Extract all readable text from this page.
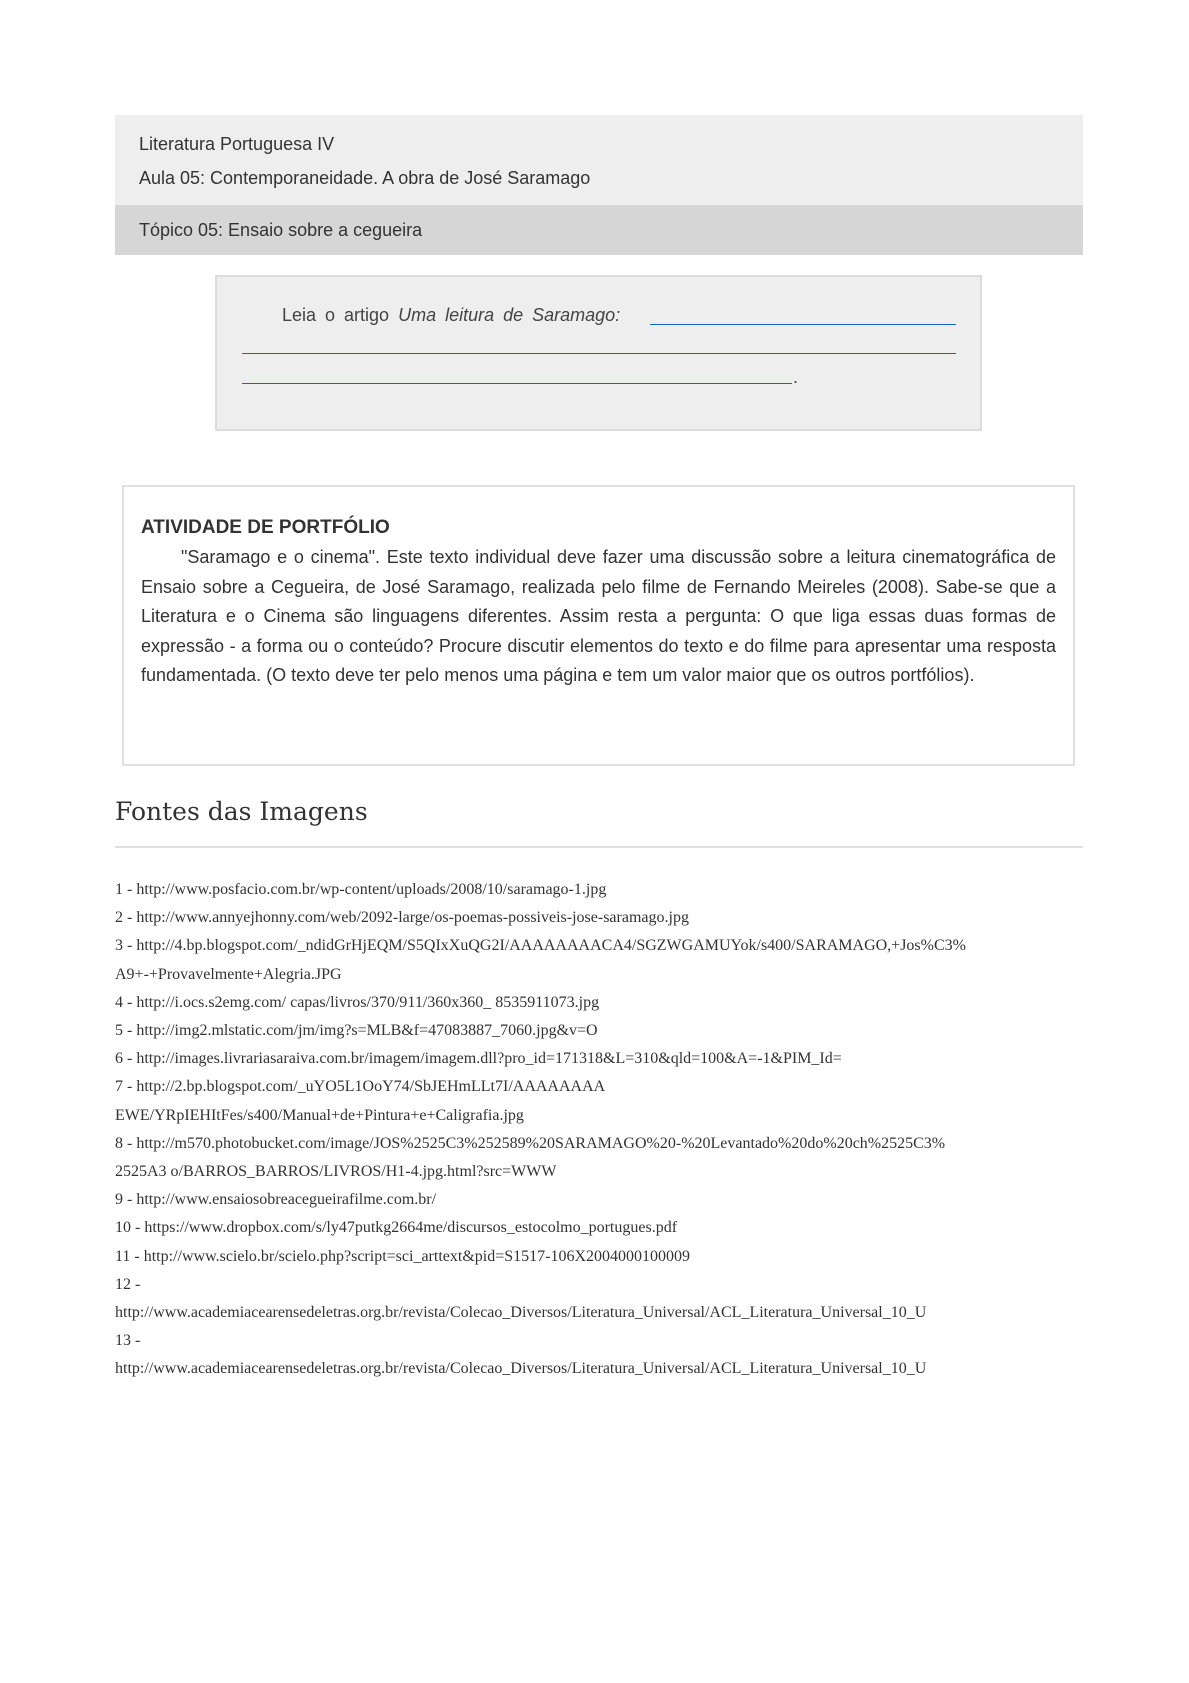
Literatura Portuguesa IV
Aula 05: Contemporaneidade. A obra de José Saramago
Tópico 05: Ensaio sobre a cegueira
Leia o artigo Uma leitura de Saramago:
.
ATIVIDADE DE PORTFÓLIO

"Saramago e o cinema". Este texto individual deve fazer uma discussão sobre a leitura cinematográfica de Ensaio sobre a Cegueira, de José Saramago, realizada pelo filme de Fernando Meireles (2008). Sabe-se que a Literatura e o Cinema são linguagens diferentes. Assim resta a pergunta: O que liga essas duas formas de expressão - a forma ou o conteúdo? Procure discutir elementos do texto e do filme para apresentar uma resposta fundamentada. (O texto deve ter pelo menos uma página e tem um valor maior que os outros portfólios).

Fontes das Imagens
1 - http://www.posfacio.com.br/wp-content/uploads/2008/10/saramago-1.jpg
2 - http://www.annyejhonny.com/web/2092-large/os-poemas-possiveis-jose-saramago.jpg
3 - http://4.bp.blogspot.com/_ndidGrHjEQM/S5QIxXuQG2I/AAAAAAAACA4/SGZWGAMUYok/s400/SARAMAGO,+Jos%C3%
A9+-+Provavelmente+Alegria.JPG
4 - http://i.ocs.s2emg.com/ capas/livros/370/911/360x360_ 8535911073.jpg
5 - http://img2.mlstatic.com/jm/img?s=MLB&f=47083887_7060.jpg&v=O
6 - http://images.livrariasaraiva.com.br/imagem/imagem.dll?pro_id=171318&L=310&qld=100&A=-1&PIM_Id=
7 - http://2.bp.blogspot.com/_uYO5L1OoY74/SbJEHmLLt7I/AAAAAAAA
EWE/YRpIEHItFes/s400/Manual+de+Pintura+e+Caligrafia.jpg
8 - http://m570.photobucket.com/image/JOS%2525C3%252589%20SARAMAGO%20-%20Levantado%20do%20ch%2525C3%
2525A3 o/BARROS_BARROS/LIVROS/H1-4.jpg.html?src=WWW
9 - http://www.ensaiosobreacegueirafilme.com.br/
10 - https://www.dropbox.com/s/ly47putkg2664me/discursos_estocolmo_portugues.pdf
11 - http://www.scielo.br/scielo.php?script=sci_arttext&pid=S1517-106X2004000100009
12 -
http://www.academiacearensedeletras.org.br/revista/Colecao_Diversos/Literatura_Universal/ACL_Literatura_Universal_10_U
13 -
http://www.academiacearensedeletras.org.br/revista/Colecao_Diversos/Literatura_Universal/ACL_Literatura_Universal_10_U
